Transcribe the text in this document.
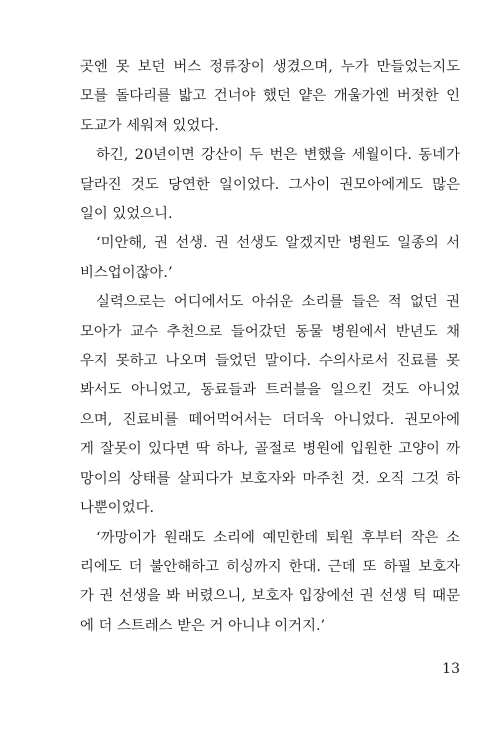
곳엔 못 보던 버스 정류장이 생겼으며, 누가 만들었는지도
모를 돌다리를 밟고 건너야 했던 얕은 개울가엔 버젓한 인
도교가 세워져 있었다.
하긴, 20년이면 강산이 두 번은 변했을 세월이다. 동네가
달라진 것도 당연한 일이었다. 그사이 권모아에게도 많은
일이 있었으니.
‘미안해, 권 선생. 권 선생도 알겠지만 병원도 일종의 서
비스업이잖아.’
실력으로는 어디에서도 아쉬운 소리를 들은 적 없던 권
모아가 교수 추천으로 들어갔던 동물 병원에서 반년도 채
우지 못하고 나오며 들었던 말이다. 수의사로서 진료를 못
봐서도 아니었고, 동료들과 트러블을 일으킨 것도 아니었
으며, 진료비를 떼어먹어서는 더더욱 아니었다. 권모아에
게 잘못이 있다면 딱 하나, 골절로 병원에 입원한 고양이 까
망이의 상태를 살피다가 보호자와 마주친 것. 오직 그것 하
나뿐이었다.
‘까망이가 원래도 소리에 예민한데 퇴원 후부터 작은 소
리에도 더 불안해하고 히싱까지 한대. 근데 또 하필 보호자
가 권 선생을 봐 버렸으니, 보호자 입장에선 권 선생 틱 때문
에 더 스트레스 받은 거 아니냐 이거지.’
13
